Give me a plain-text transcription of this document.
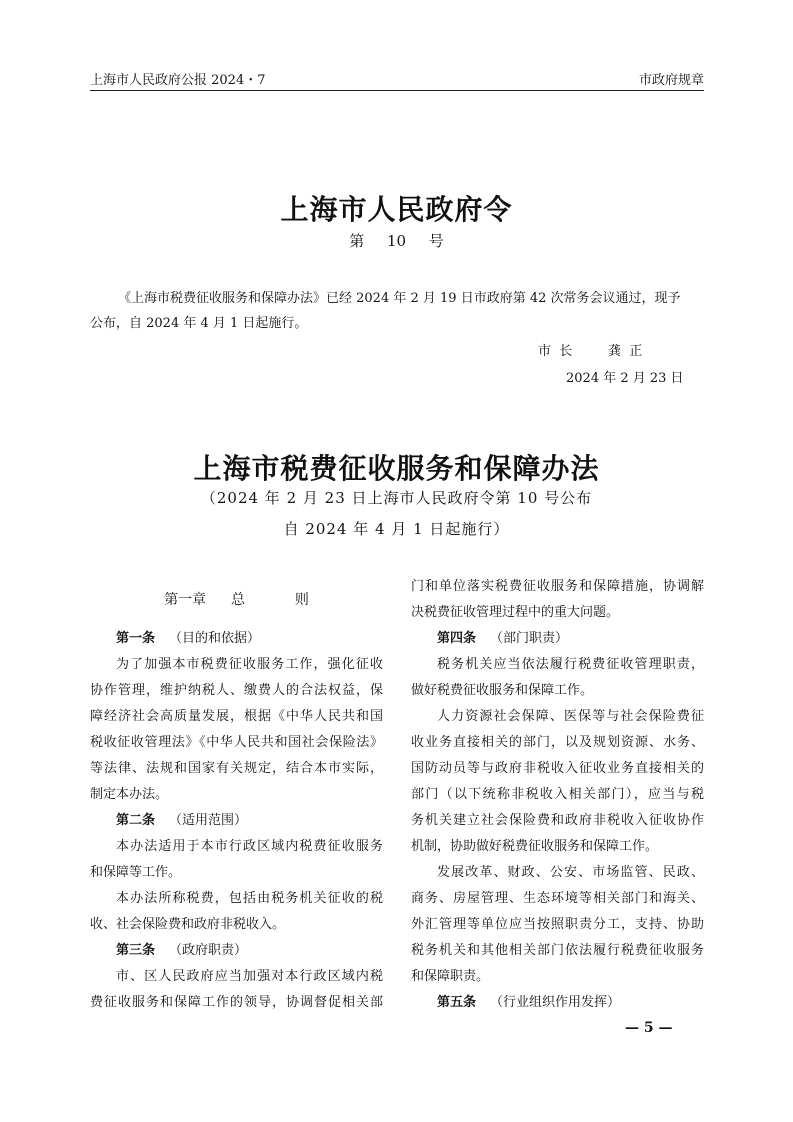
上海市人民政府公报 2024・7	市政府规章
上海市人民政府令
第 10 号
《上海市税费征收服务和保障办法》已经 2024 年 2 月 19 日市政府第 42 次常务会议通过，现予
公布，自 2024 年 4 月 1 日起施行。
市  长	龚  正
2024 年 2 月 23 日
上海市税费征收服务和保障办法
（2024 年 2 月 23 日上海市人民政府令第 10 号公布
自 2024 年 4 月 1 日起施行）

第一章  总    则

第一条 （目的和依据）

为了加强本市税费征收服务工作，强化征收

协作管理，维护纳税人、缴费人的合法权益，保

障经济社会高质量发展，根据《中华人民共和国

税收征收管理法》《中华人民共和国社会保险法》

等法律、法规和国家有关规定，结合本市实际，

制定本办法。

第二条 （适用范围）

本办法适用于本市行政区域内税费征收服务

和保障等工作。

本办法所称税费，包括由税务机关征收的税

收、社会保险费和政府非税收入。

第三条 （政府职责）

市、区人民政府应当加强对本行政区域内税

费征收服务和保障工作的领导，协调督促相关部

门和单位落实税费征收服务和保障措施，协调解

决税费征收管理过程中的重大问题。

第四条 （部门职责）

税务机关应当依法履行税费征收管理职责，

做好税费征收服务和保障工作。

人力资源社会保障、医保等与社会保险费征

收业务直接相关的部门，以及规划资源、水务、

国防动员等与政府非税收入征收业务直接相关的

部门（以下统称非税收入相关部门），应当与税

务机关建立社会保险费和政府非税收入征收协作

机制，协助做好税费征收服务和保障工作。

发展改革、财政、公安、市场监管、民政、

商务、房屋管理、生态环境等相关部门和海关、

外汇管理等单位应当按照职责分工，支持、协助

税务机关和其他相关部门依法履行税费征收服务

和保障职责。

第五条 （行业组织作用发挥）

— 5 —
